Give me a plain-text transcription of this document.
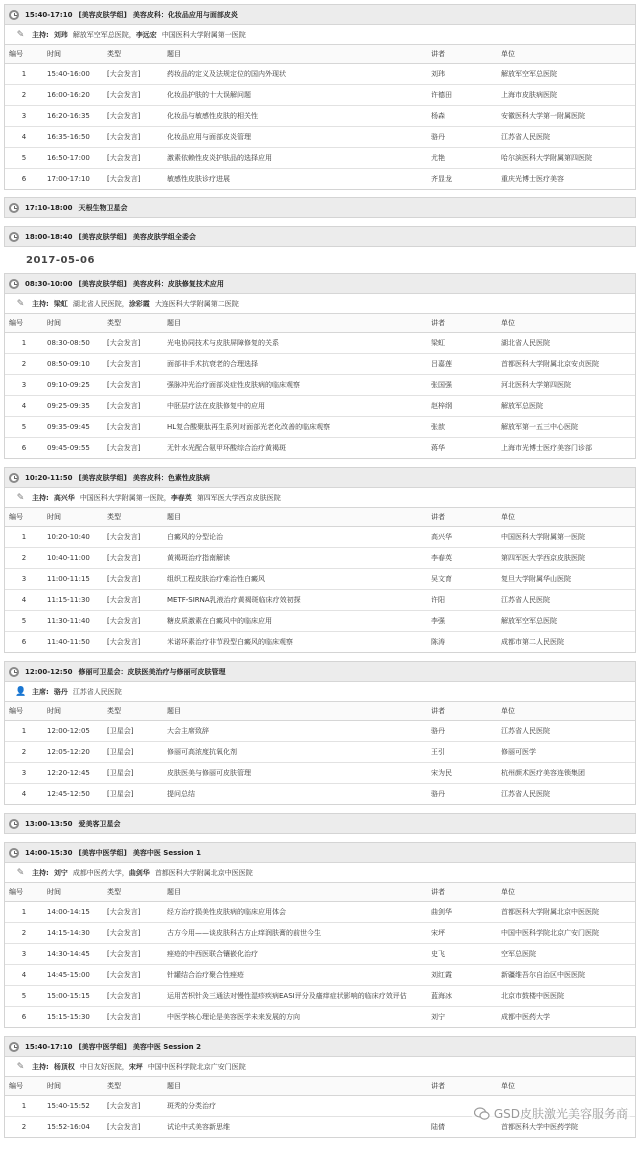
15:40-17:10 [美容皮肤学组] 美容皮科：化妆品应用与面部皮炎
✎ 主持: 刘玮 解放军空军总医院， 李远宏 中国医科大学附属第一医院
编号	时间	类型	题目	讲者	单位
1	15:40-16:00	[大会发言]	药妆品的定义及法规定位的国内外现状	刘玮	解放军空军总医院
2	16:00-16:20	[大会发言]	化妆品护肤的十大误解问题	许德田	上海市皮肤病医院
3	16:20-16:35	[大会发言]	化妆品与敏感性皮肤的相关性	杨森	安徽医科大学第一附属医院
4	16:35-16:50	[大会发言]	化妆品应用与面部皮炎管理	骆丹	江苏省人民医院
5	16:50-17:00	[大会发言]	激素依赖性皮炎护肤品的选择应用	尤艳	哈尔滨医科大学附属第四医院
6	17:00-17:10	[大会发言]	敏感性皮肤诊疗进展	齐显龙	重庆光博士医疗美容
17:10-18:00 天根生物卫星会
18:00-18:40 [美容皮肤学组] 美容皮肤学组全委会
2017-05-06
08:30-10:00 [美容皮肤学组] 美容皮科：皮肤修复技术应用
✎ 主持: 梁虹 湖北省人民医院， 涂彩霞 大连医科大学附属第二医院
编号	时间	类型	题目	讲者	单位
1	08:30-08:50	[大会发言]	光电协同技术与皮肤屏障修复的关系	梁虹	湖北省人民医院
2	08:50-09:10	[大会发言]	面部非手术抗衰老的合理选择	吕嘉莲	首都医科大学附属北京安贞医院
3	09:10-09:25	[大会发言]	强脉冲光治疗面部炎症性皮肤病的临床观察	张国强	河北医科大学第四医院
4	09:25-09:35	[大会发言]	中胚层疗法在皮肤修复中的应用	赵梓纲	解放军总医院
5	09:35-09:45	[大会发言]	HL复合酸聚肽再生系列对面部光老化改善的临床观察	张歆	解放军第一五三中心医院
6	09:45-09:55	[大会发言]	无针水光配合氨甲环酸综合治疗黄褐斑	蒋华	上海市光博士医疗美容门诊部
10:20-11:50 [美容皮肤学组] 美容皮科：色素性皮肤病
✎ 主持: 高兴华 中国医科大学附属第一医院， 李春英 第四军医大学西京皮肤医院
编号	时间	类型	题目	讲者	单位
1	10:20-10:40	[大会发言]	白癜风的分型论治	高兴华	中国医科大学附属第一医院
2	10:40-11:00	[大会发言]	黄褐斑治疗指南解读	李春英	第四军医大学西京皮肤医院
3	11:00-11:15	[大会发言]	组织工程皮肤治疗难治性白癜风	吴文育	复旦大学附属华山医院
4	11:15-11:30	[大会发言]	METF-SIRNA乳液治疗黄褐斑临床疗效初探	许阳	江苏省人民医院
5	11:30-11:40	[大会发言]	糖皮质激素在白癜风中的临床应用	李强	解放军空军总医院
6	11:40-11:50	[大会发言]	米诺环素治疗非节段型白癜风的临床观察	陈涛	成都市第二人民医院
12:00-12:50 修丽可卫星会：皮肤医美治疗与修丽可皮肤管理
👤 主席: 骆丹 江苏省人民医院
编号	时间	类型	题目	讲者	单位
1	12:00-12:05	[卫星会]	大会主席致辞	骆丹	江苏省人民医院
2	12:05-12:20	[卫星会]	修丽可高浓度抗氧化剂	王引	修丽可医学
3	12:20-12:45	[卫星会]	皮肤医美与修丽可皮肤管理	宋为民	杭州颜术医疗美容连锁集团
4	12:45-12:50	[卫星会]	提问总结	骆丹	江苏省人民医院
13:00-13:50 爱美客卫星会
14:00-15:30 [美容中医学组] 美容中医 Session 1
✎ 主持: 刘宁 成都中医药大学， 曲剑华 首都医科大学附属北京中医医院
编号	时间	类型	题目	讲者	单位
1	14:00-14:15	[大会发言]	经方治疗损美性皮肤病的临床应用体会	曲剑华	首都医科大学附属北京中医医院
2	14:15-14:30	[大会发言]	古方今用——谈皮肤科古方止痒润肤膏的前世今生	宋坪	中国中医科学院北京广安门医院
3	14:30-14:45	[大会发言]	痤疮的中西医联合镶嵌化治疗	史飞	空军总医院
4	14:45-15:00	[大会发言]	针罐结合治疗聚合性痤疮	刘红霞	新疆维吾尔自治区中医医院
5	15:00-15:15	[大会发言]	运用苦枳针灸三通法对慢性湿疹疾病EASI评分及瘙痒症状影响的临床疗效评估	蓝海冰	北京市鼓楼中医医院
6	15:15-15:30	[大会发言]	中医学核心理论是美容医学未来发展的方向	刘宁	成都中医药大学
15:40-17:10 [美容中医学组] 美容中医 Session 2
✎ 主持: 杨顶权 中日友好医院， 宋坪 中国中医科学院北京广安门医院
编号	时间	类型	题目	讲者	单位
1	15:40-15:52	[大会发言]	斑秃的分类治疗		
2	15:52-16:04	[大会发言]	试论中式美容新思维	陆倩	首都医科大学中医药学院
GSD皮肤激光美容服务商
